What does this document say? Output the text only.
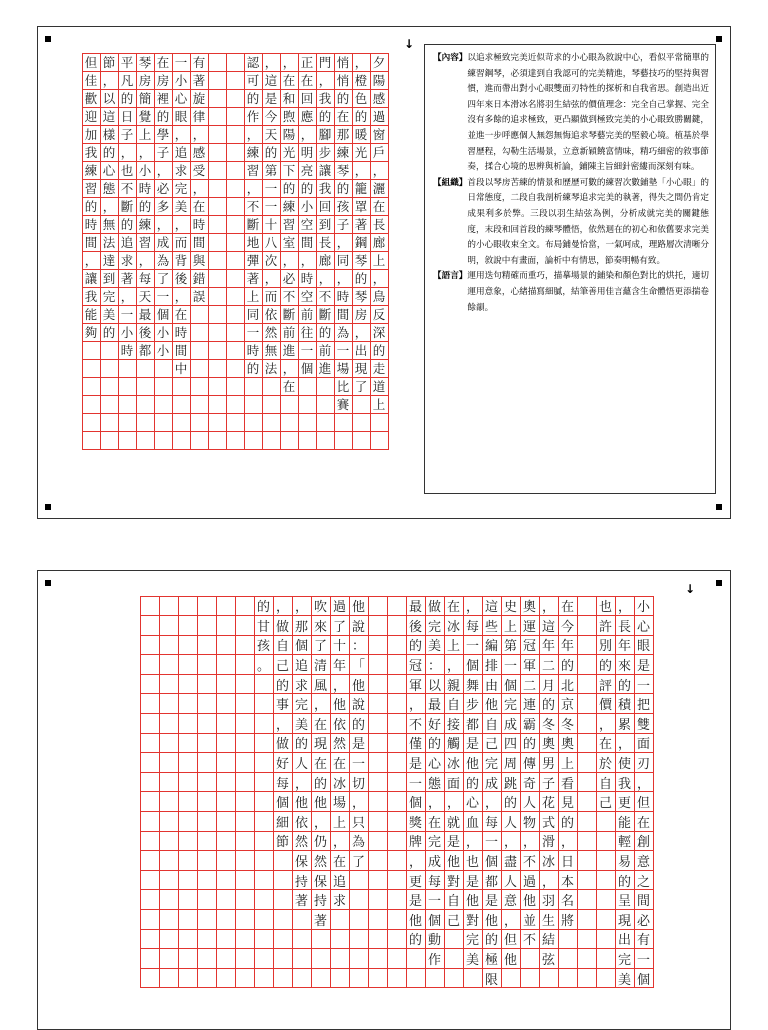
↓
夕
陽
感
過
窗
戶
，
灑
在
長
廊
上
，
鳥
反
深
的
走
道
上
，
橙
色
的
暖
光
，
籠
罩
著
鋼
琴
的
琴
房
，
出
現
了
悄
悄
的
在
那
練
琴
的
孩
子
，
同
，
時
間
為
一
場
比
賽
門
，
我
的
腳
步
讓
我
回
到
長
廊
，
不
斷
的
前
進
正
在
回
應
，
明
亮
的
小
空
間
，
時
空
前
往
一
個
，
在
和
煦
陽
光
下
的
練
習
室
，
必
不
斷
前
進
，
在
，
這
是
今
天
的
第
一
一
十
八
次
，
而
依
然
無
法
認
可
的
作
，
練
習
，
不
斷
地
彈
著
上
同
一
時
的
有
著
旋
律
，
感
受
，
在
時
間
與
錯
誤
一
小
心
眼
，
追
求
完
美
，
而
背
後
，
在
時
間
中
在
房
裡
的
學
子
，
必
多
，
成
為
了
一
個
小
小
琴
房
簡
覺
上
，
小
時
的
練
習
，
每
天
最
後
都
平
凡
的
日
子
，
也
不
斷
的
追
求
著
，
一
小
時
節
，
以
這
樣
的
心
態
，
無
法
達
到
完
美
的
但
佳
歡
迎
加
我
練
習
的
時
間
，
讓
我
能
夠
【內容】 以追求極致完美近似苛求的小心眼為敘說中心，看似平常簡單的練習鋼琴，必須達到自我認可的完美精進，琴藝技巧的堅持與習慣，進而帶出對小心眼雙面刃特性的探析和自我省思。創造出近四年來日本滑冰名將羽生結弦的價值理念：完全自己掌握、完全沒有多餘的追求極致，更凸顯做到極致完美的小心眼致勝關鍵，並進一步呼應個人無怨無悔追求琴藝完美的堅毅心境。植基於學習歷程，勾勒生活場景，立意新穎饒富情味，精巧細密的敘事節奏，揉合心境的思辨與析論，鋪陳主旨細針密縷而深刻有味。
【組織】 首段以琴房苦練的情景和歷歷可數的練習次數鋪墊「小心眼」的日常態度，二段自我剖析練琴追求完美的執著，得失之間仍肯定成果利多於弊。三段以羽生結弦為例，分析成就完美的關鍵態度，末段和回首段的練琴體悟，依然迴在的初心和依舊要求完美的小心眼收束全文。布局鋪曼恰當，一氣呵成，理路層次清晰分明，敘說中有畫面，論析中有情思，節奏明暢有致。
【語言】 運用迭句精確而重巧，描摹場景的鋪染和顏色對比的烘托，適切運用意象，心緒描寫細膩，結筆善用佳言蘊含生命體悟更添揣卷餘韻。
↓
小
心
眼
是
一
把
雙
面
刃
，
但
在
創
意
之
間
必
有
一
個
，
長
年
來
的
積
累
，
使
我
更
能
輕
易
的
呈
現
出
完
美
也
許
別
的
評
價
，
在
於
自
己
在
今
年
的
北
京
冬
奧
上
看
見
的
，
日
本
名
將
，
這
年
二
月
的
冬
奧
男
子
花
式
滑
冰
，
羽
生
結
弦
奧
運
冠
軍
二
連
霸
的
傳
奇
人
物
，
不
過
他
並
不
史
上
第
一
個
完
成
四
周
跳
的
人
，
盡
人
意
，
但
他
這
些
編
排
由
他
自
己
完
成
，
每
一
個
都
是
他
的
極
限
，
每
一
個
舞
步
都
是
他
的
心
血
，
也
是
他
對
完
美
在
冰
上
，
親
自
接
觸
冰
面
，
就
是
他
對
自
己
做
完
美
：
以
最
好
的
心
態
，
在
完
成
每
一
個
動
作
最
後
的
冠
軍
，
不
僅
是
一
個
獎
牌
，
更
是
他
的
他
說
：
「
他
說
的
是
一
切
，
只
為
了
過
了
十
年
，
他
依
然
在
冰
場
上
，
在
追
求
吹
來
了
清
風
，
在
現
在
的
他
，
仍
然
保
持
著
，
那
個
追
求
完
美
的
人
，
他
依
然
保
持
著
，
做
自
己
的
事
，
做
好
每
個
細
節
的
甘
孩
。
